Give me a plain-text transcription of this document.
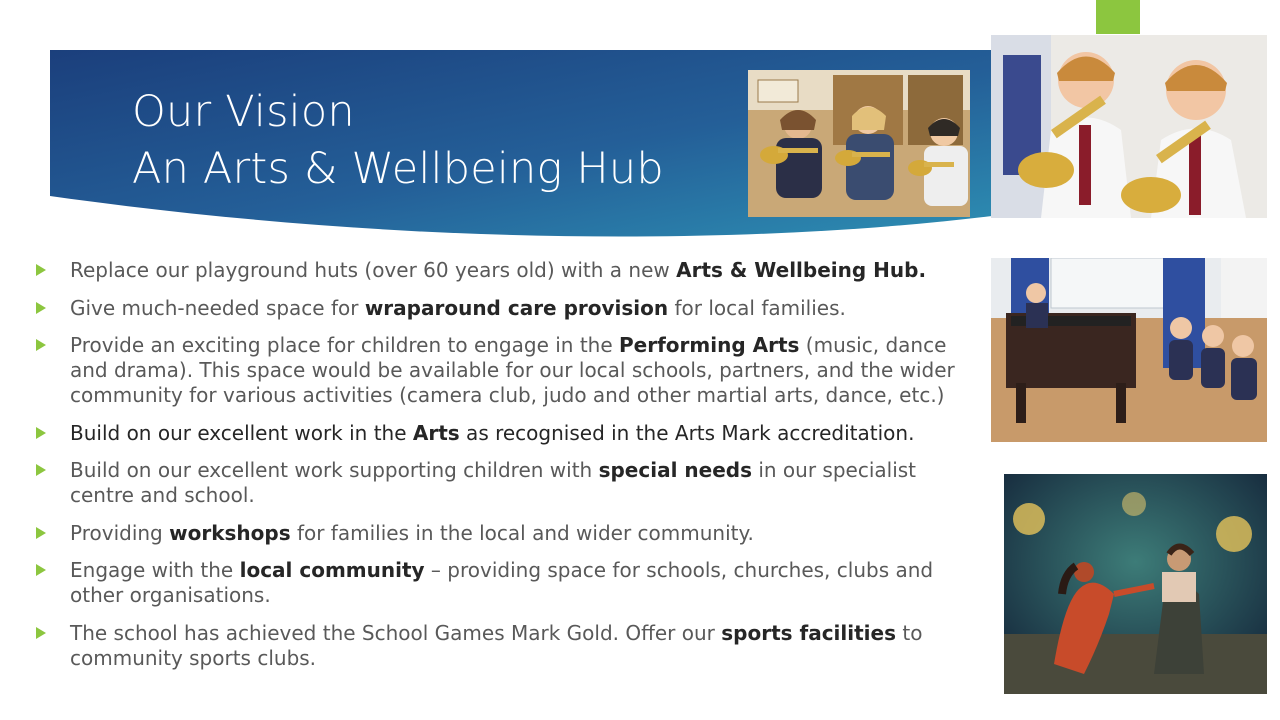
Our Vision
An Arts & Wellbeing Hub
Replace our playground huts (over 60 years old) with a new Arts & Wellbeing Hub.
Give much-needed space for wraparound care provision for local families.
Provide an exciting place for children to engage in the Performing Arts (music, dance and drama). This space would be available for our local schools, partners, and the wider community for various activities (camera club, judo and other martial arts, dance, etc.)
Build on our excellent work in the Arts as recognised in the Arts Mark accreditation.
Build on our excellent work supporting children with special needs in our specialist centre and school.
Providing workshops for families in the local and wider community.
Engage with the local community – providing space for schools, churches, clubs and other organisations.
The school has achieved the School Games Mark Gold. Offer our sports facilities to community sports clubs.
